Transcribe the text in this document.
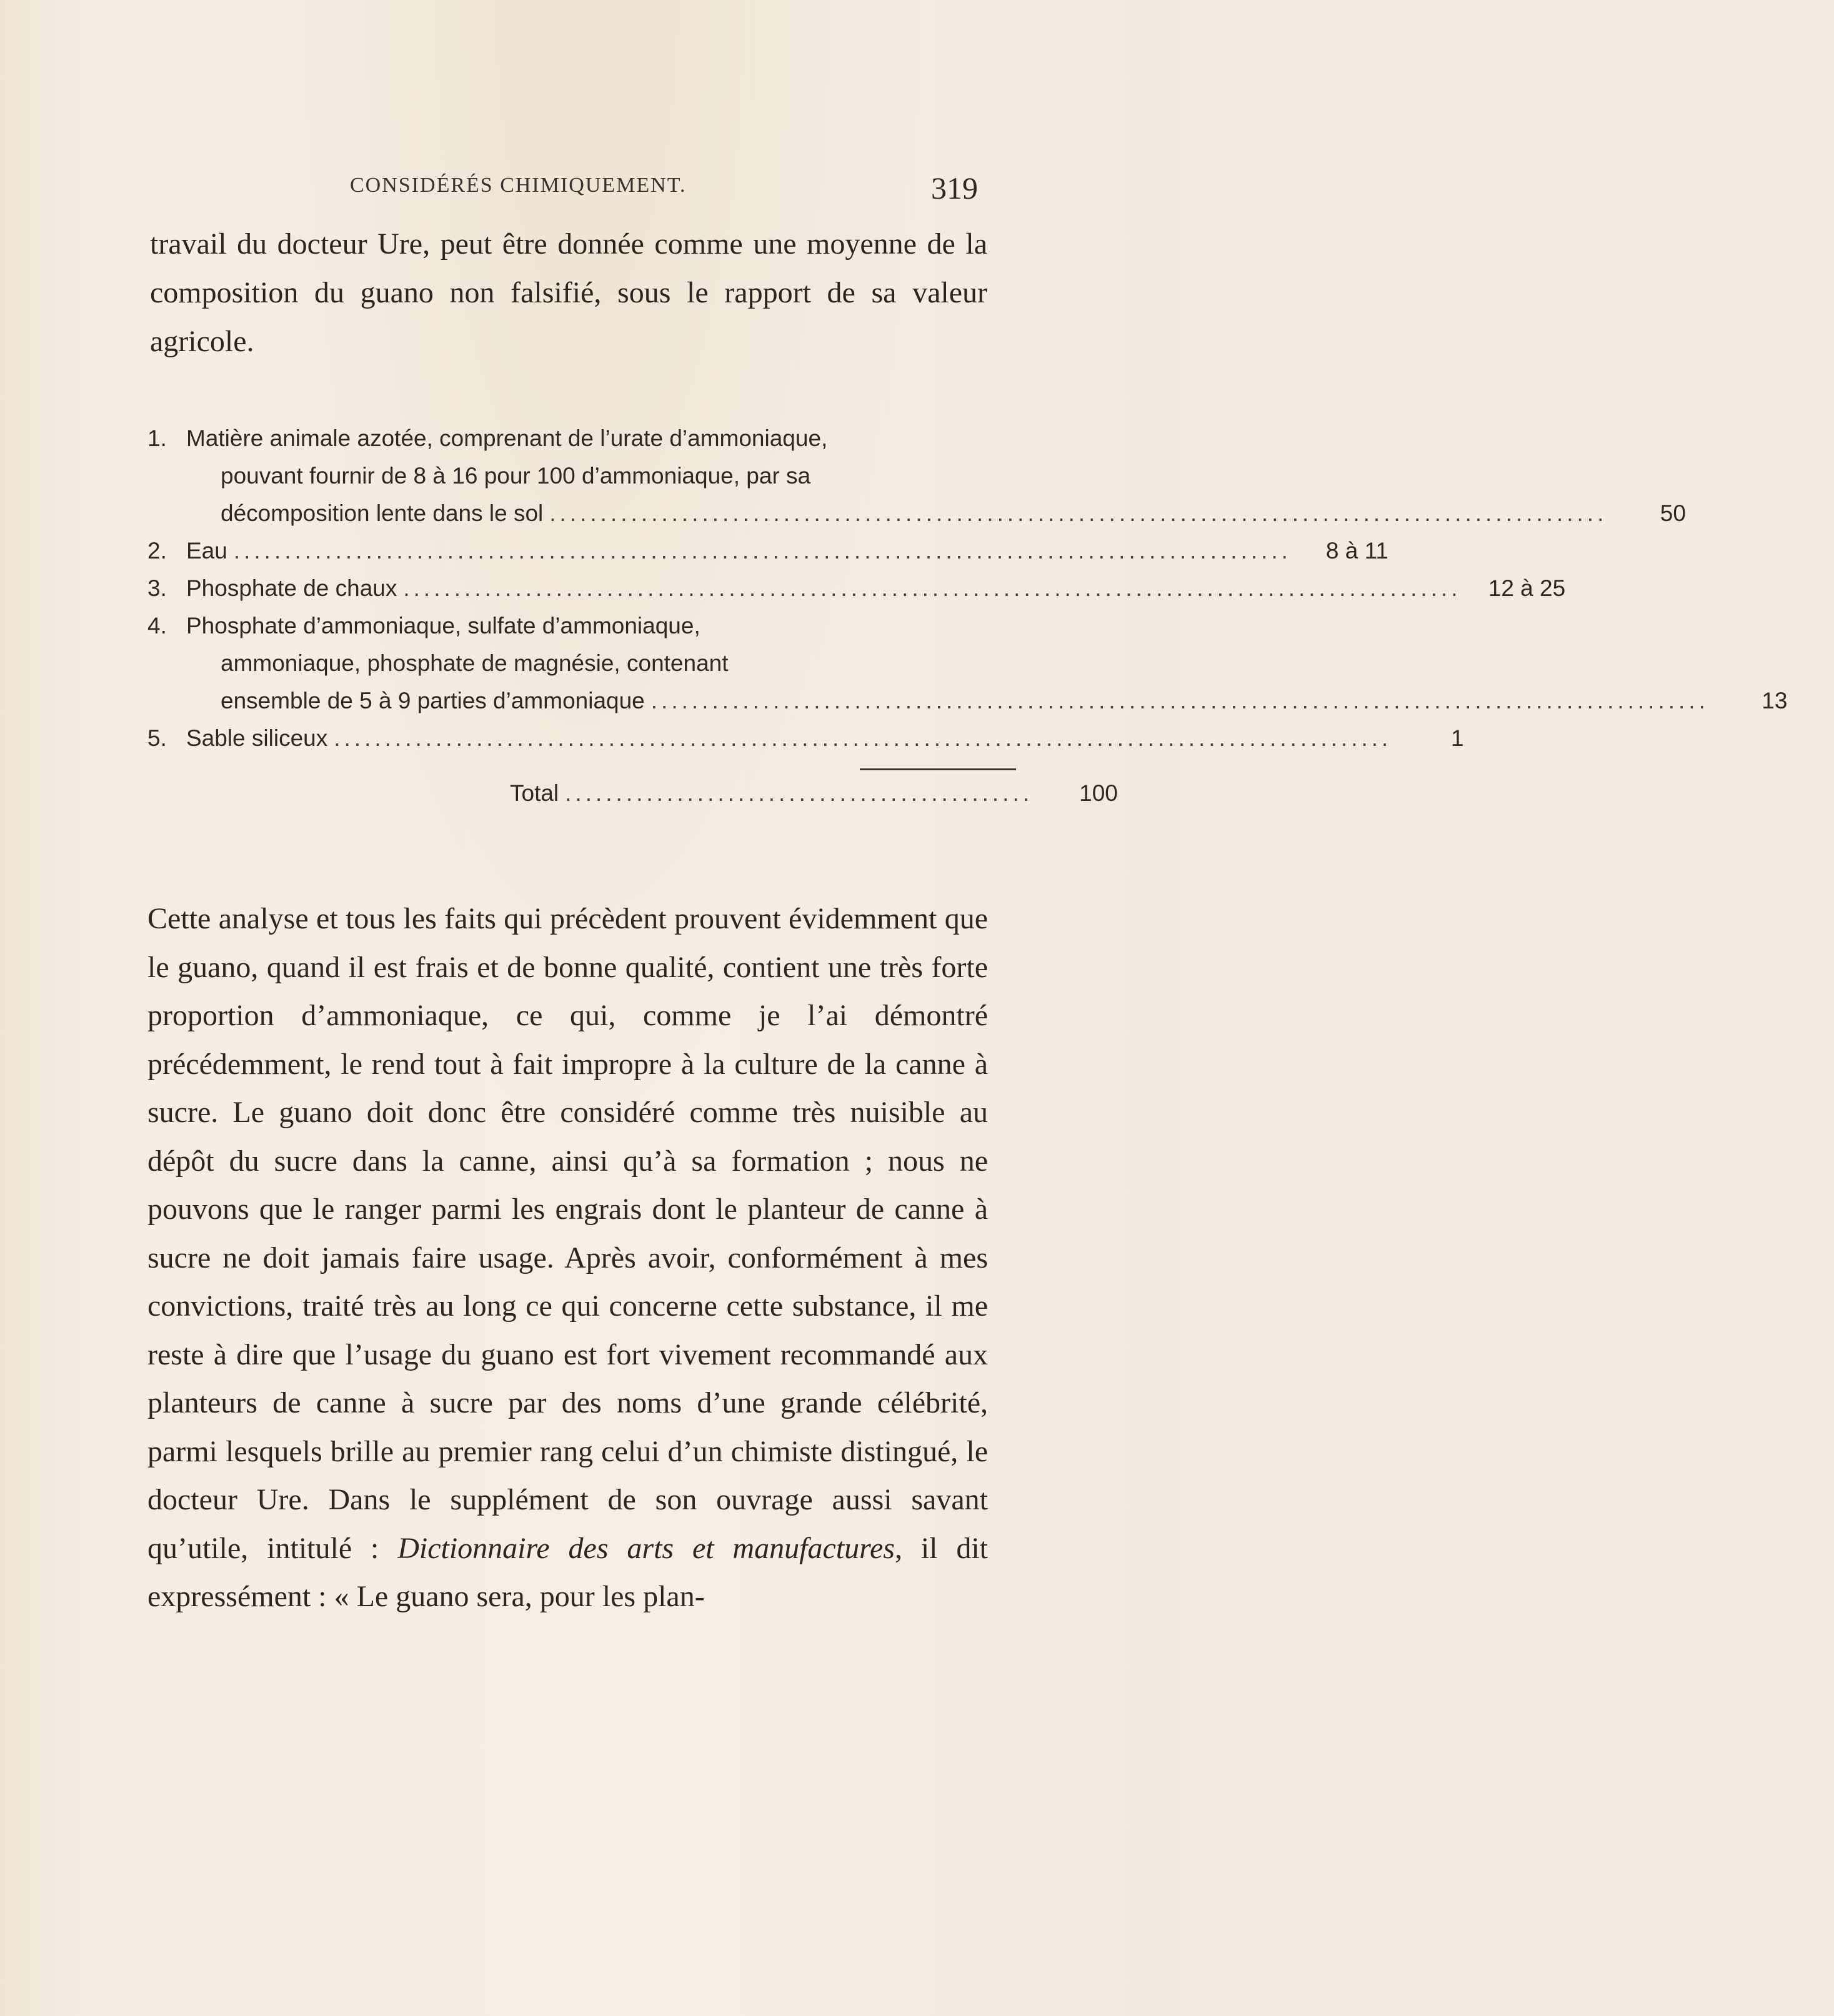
CONSIDÉRÉS CHIMIQUEMENT.	319

travail du docteur Ure, peut être donnée comme une moyenne de la composition du guano non falsifié, sous le rapport de sa valeur agricole.

1. Matière animale azotée, comprenant de l’urate d’ammoniaque,
pouvant fournir de 8 à 16 pour 100 d’ammoniaque, par sa
décomposition lente dans le sol ........................................................................................................	50
2. Eau ........................................................................................................	8 à 11
3. Phosphate de chaux ........................................................................................................	12 à 25
4. Phosphate d’ammoniaque, sulfate d’ammoniaque,
ammoniaque, phosphate de magnésie, contenant
ensemble de 5 à 9 parties d’ammoniaque ........................................................................................................	13
5. Sable siliceux ........................................................................................................	1
Total ..............................................	100

Cette analyse et tous les faits qui précèdent prouvent évidemment que le guano, quand il est frais et de bonne qualité, contient une très forte proportion d’ammoniaque, ce qui, comme je l’ai démontré précédemment, le rend tout à fait impropre à la culture de la canne à sucre. Le guano doit donc être considéré comme très nuisible au dépôt du sucre dans la canne, ainsi qu’à sa formation ; nous ne pouvons que le ranger parmi les engrais dont le planteur de canne à sucre ne doit jamais faire usage. Après avoir, conformément à mes convictions, traité très au long ce qui concerne cette substance, il me reste à dire que l’usage du guano est fort vivement recommandé aux planteurs de canne à sucre par des noms d’une grande célébrité, parmi lesquels brille au premier rang celui d’un chimiste distingué, le docteur Ure. Dans le supplément de son ouvrage aussi savant qu’utile, intitulé : Dictionnaire des arts et manufactures, il dit expressément : « Le guano sera, pour les plan-
